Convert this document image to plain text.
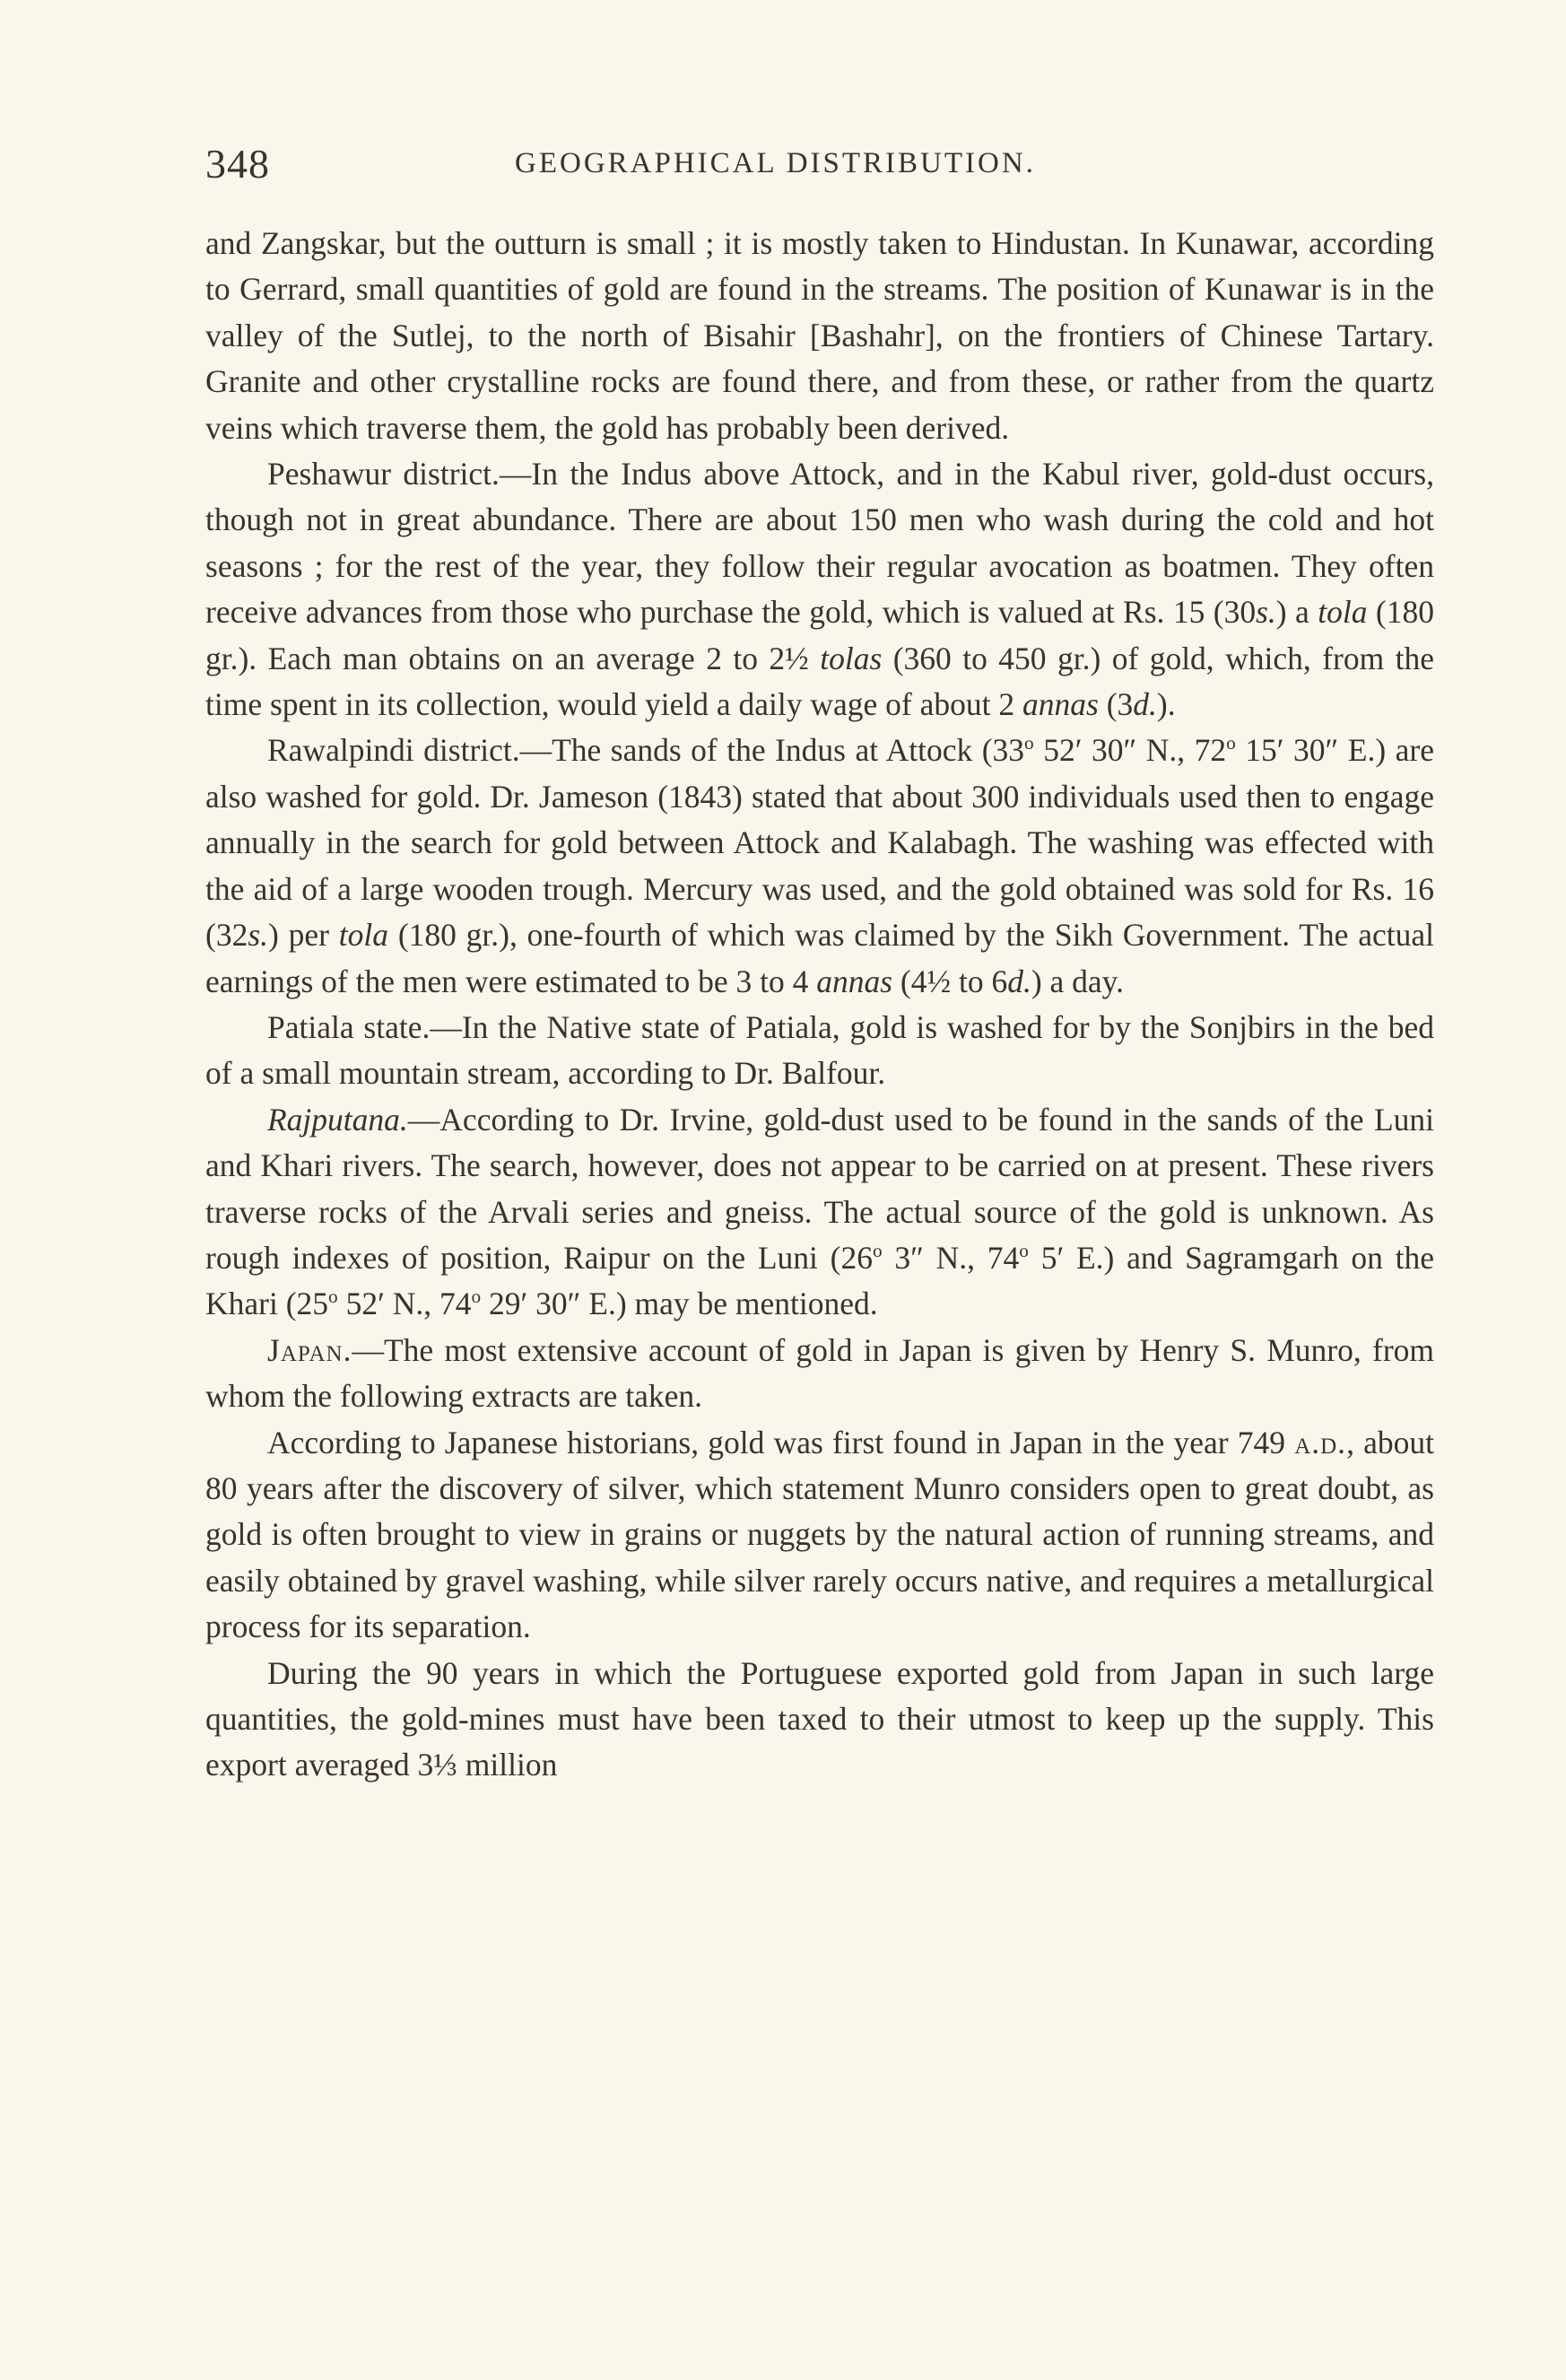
348	GEOGRAPHICAL DISTRIBUTION.

and Zangskar, but the outturn is small ; it is mostly taken to Hindustan. In Kunawar, according to Gerrard, small quantities of gold are found in the streams. The position of Kunawar is in the valley of the Sutlej, to the north of Bisahir [Bashahr], on the frontiers of Chinese Tartary. Granite and other crystalline rocks are found there, and from these, or rather from the quartz veins which traverse them, the gold has probably been derived.

Peshawur district.—In the Indus above Attock, and in the Kabul river, gold-dust occurs, though not in great abundance. There are about 150 men who wash during the cold and hot seasons ; for the rest of the year, they follow their regular avocation as boatmen. They often receive advances from those who purchase the gold, which is valued at Rs. 15 (30s.) a tola (180 gr.). Each man obtains on an average 2 to 2½ tolas (360 to 450 gr.) of gold, which, from the time spent in its collection, would yield a daily wage of about 2 annas (3d.).

Rawalpindi district.—The sands of the Indus at Attock (33$^o$ 52′ 30″ N., 72$^o$ 15′ 30″ E.) are also washed for gold. Dr. Jameson (1843) stated that about 300 individuals used then to engage annually in the search for gold between Attock and Kalabagh. The washing was effected with the aid of a large wooden trough. Mercury was used, and the gold obtained was sold for Rs. 16 (32s.) per tola (180 gr.), one-fourth of which was claimed by the Sikh Government. The actual earnings of the men were estimated to be 3 to 4 annas (4½ to 6d.) a day.

Patiala state.—In the Native state of Patiala, gold is washed for by the Sonjbirs in the bed of a small mountain stream, according to Dr. Balfour.

Rajputana.—According to Dr. Irvine, gold-dust used to be found in the sands of the Luni and Khari rivers. The search, however, does not appear to be carried on at present. These rivers traverse rocks of the Arvali series and gneiss. The actual source of the gold is unknown. As rough indexes of position, Raipur on the Luni (26$^o$ 3″ N., 74$^o$ 5′ E.) and Sagramgarh on the Khari (25$^o$ 52′ N., 74$^o$ 29′ 30″ E.) may be mentioned.

Japan.—The most extensive account of gold in Japan is given by Henry S. Munro, from whom the following extracts are taken.

According to Japanese historians, gold was first found in Japan in the year 749 a.d., about 80 years after the discovery of silver, which statement Munro considers open to great doubt, as gold is often brought to view in grains or nuggets by the natural action of running streams, and easily obtained by gravel washing, while silver rarely occurs native, and requires a metallurgical process for its separation.

During the 90 years in which the Portuguese exported gold from Japan in such large quantities, the gold-mines must have been taxed to their utmost to keep up the supply. This export averaged 3⅓ million
